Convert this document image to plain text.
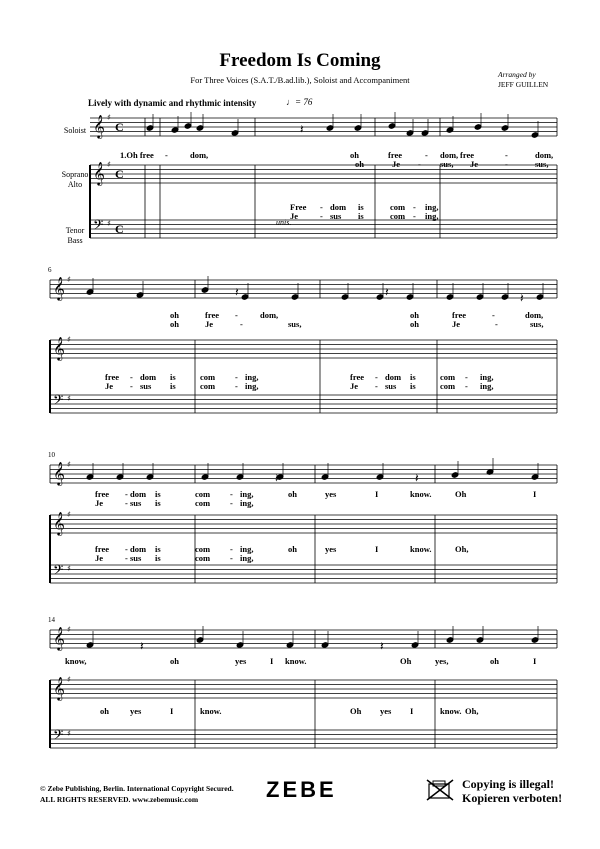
Freedom Is Coming
For Three Voices (S.A.T./B.ad.lib.), Soloist and Accompaniment
Arranged by
JEFF GUILLEN
Lively with dynamic and rhythmic intensity	♩= 76
Soloist
Soprano
Alto
Tenor
Bass
unis.
𝄞
𝄞
𝄢
♯
♯
♯
C
C
C
𝄞
𝄞
𝄢
♯
♯
♯
𝄞
𝄞
𝄢
♯
♯
♯
𝄞
𝄞
𝄢
♯
♯
♯
6
10
14
𝄽
𝄽	𝄽	𝄽
𝄽	𝄽
𝄽	𝄽
1.Oh free -	dom,	oh	free	- dom, free	-	dom,
oh	Je - sus, Je	-	sus,
Free - dom is	com - ing,
Je	- sus is	com - ing,
oh	free -	dom,	oh	free	-	dom,
oh	Je	-	sus,	oh	Je	-	sus,
free - dom is	com - ing,	free - dom is	com - ing,
Je - sus is	com - ing,	Je - sus is	com - ing,
free - dom is	com - ing,	oh	yes	I	know.	Oh	I
Je	- sus is	com - ing,
free - dom is	com - ing,	oh	yes	I	know.	Oh,
Je	- sus is	com - ing,
know,	oh	yes	I know.	Oh	yes,	oh	I
oh yes	I	know.	Oh yes I	know. Oh,
© Zebe Publishing, Berlin. International Copyright Secured.
ALL RIGHTS RESERVED. www.zebemusic.com	ZEBE	Copying is illegal!
Kopieren verboten!
